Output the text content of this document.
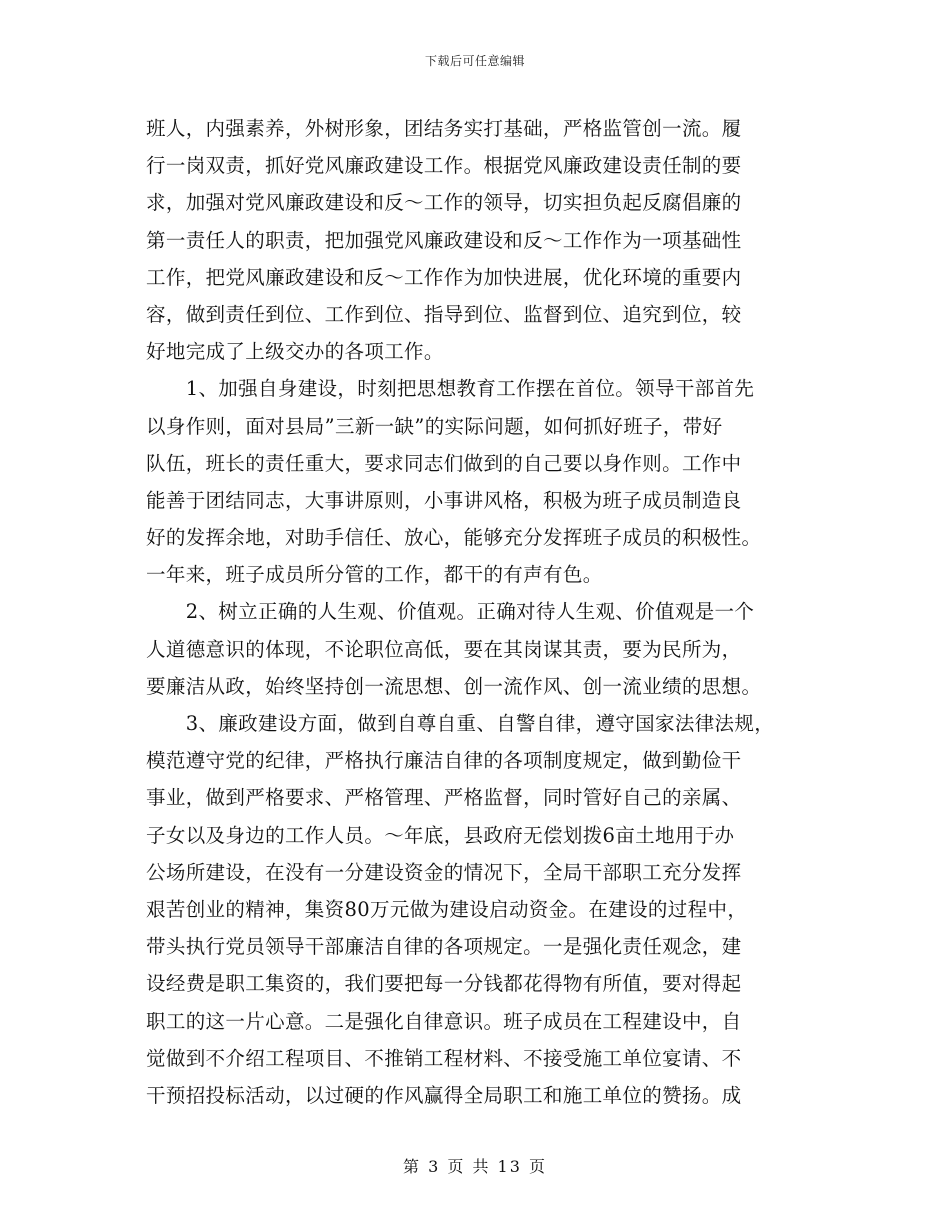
下载后可任意编辑
班人，内强素养，外树形象，团结务实打基础，严格监管创一流。履
行一岗双责，抓好党风廉政建设工作。根据党风廉政建设责任制的要
求，加强对党风廉政建设和反～工作的领导，切实担负起反腐倡廉的
第一责任人的职责，把加强党风廉政建设和反～工作作为一项基础性
工作，把党风廉政建设和反～工作作为加快进展，优化环境的重要内
容，做到责任到位、工作到位、指导到位、监督到位、追究到位，较
好地完成了上级交办的各项工作。
　　1、加强自身建设，时刻把思想教育工作摆在首位。领导干部首先
以身作则，面对县局”三新一缺”的实际问题，如何抓好班子，带好
队伍，班长的责任重大，要求同志们做到的自己要以身作则。工作中
能善于团结同志，大事讲原则，小事讲风格，积极为班子成员制造良
好的发挥余地，对助手信任、放心，能够充分发挥班子成员的积极性。
一年来，班子成员所分管的工作，都干的有声有色。
　　2、树立正确的人生观、价值观。正确对待人生观、价值观是一个
人道德意识的体现，不论职位高低，要在其岗谋其责，要为民所为，
要廉洁从政，始终坚持创一流思想、创一流作风、创一流业绩的思想。
　　3、廉政建设方面，做到自尊自重、自警自律，遵守国家法律法规，
模范遵守党的纪律，严格执行廉洁自律的各项制度规定，做到勤俭干
事业，做到严格要求、严格管理、严格监督，同时管好自己的亲属、
子女以及身边的工作人员。～年底，县政府无偿划拨6亩土地用于办
公场所建设，在没有一分建设资金的情况下，全局干部职工充分发挥
艰苦创业的精神，集资80万元做为建设启动资金。在建设的过程中，
带头执行党员领导干部廉洁自律的各项规定。一是强化责任观念，建
设经费是职工集资的，我们要把每一分钱都花得物有所值，要对得起
职工的这一片心意。二是强化自律意识。班子成员在工程建设中，自
觉做到不介绍工程项目、不推销工程材料、不接受施工单位宴请、不
干预招投标活动，以过硬的作风赢得全局职工和施工单位的赞扬。成
第 3 页 共 13 页
